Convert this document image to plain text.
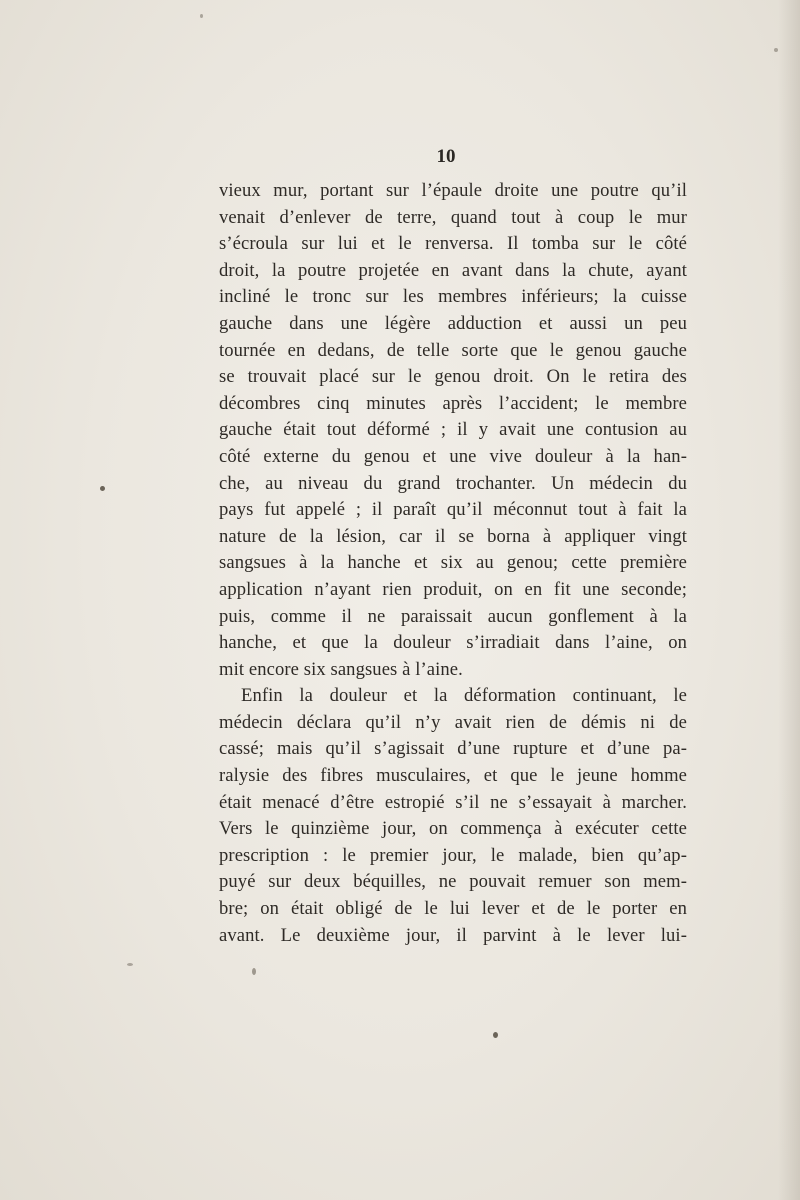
10
vieux mur, portant sur l’épaule droite une poutre qu’il
venait d’enlever de terre, quand tout à coup le mur
s’écroula sur lui et le renversa. Il tomba sur le côté
droit, la poutre projetée en avant dans la chute, ayant
incliné le tronc sur les membres inférieurs; la cuisse
gauche dans une légère adduction et aussi un peu
tournée en dedans, de telle sorte que le genou gauche
se trouvait placé sur le genou droit. On le retira des
décombres cinq minutes après l’accident; le membre
gauche était tout déformé ; il y avait une contusion au
côté externe du genou et une vive douleur à la han-
che, au niveau du grand trochanter. Un médecin du
pays fut appelé ; il paraît qu’il méconnut tout à fait la
nature de la lésion, car il se borna à appliquer vingt
sangsues à la hanche et six au genou; cette première
application n’ayant rien produit, on en fit une seconde;
puis, comme il ne paraissait aucun gonflement à la
hanche, et que la douleur s’irradiait dans l’aine, on
mit encore six sangsues à l’aine.
Enfin la douleur et la déformation continuant, le
médecin déclara qu’il n’y avait rien de démis ni de
cassé; mais qu’il s’agissait d’une rupture et d’une pa-
ralysie des fibres musculaires, et que le jeune homme
était menacé d’être estropié s’il ne s’essayait à marcher.
Vers le quinzième jour, on commença à exécuter cette
prescription : le premier jour, le malade, bien qu’ap-
puyé sur deux béquilles, ne pouvait remuer son mem-
bre; on était obligé de le lui lever et de le porter en
avant. Le deuxième jour, il parvint à le lever lui-
